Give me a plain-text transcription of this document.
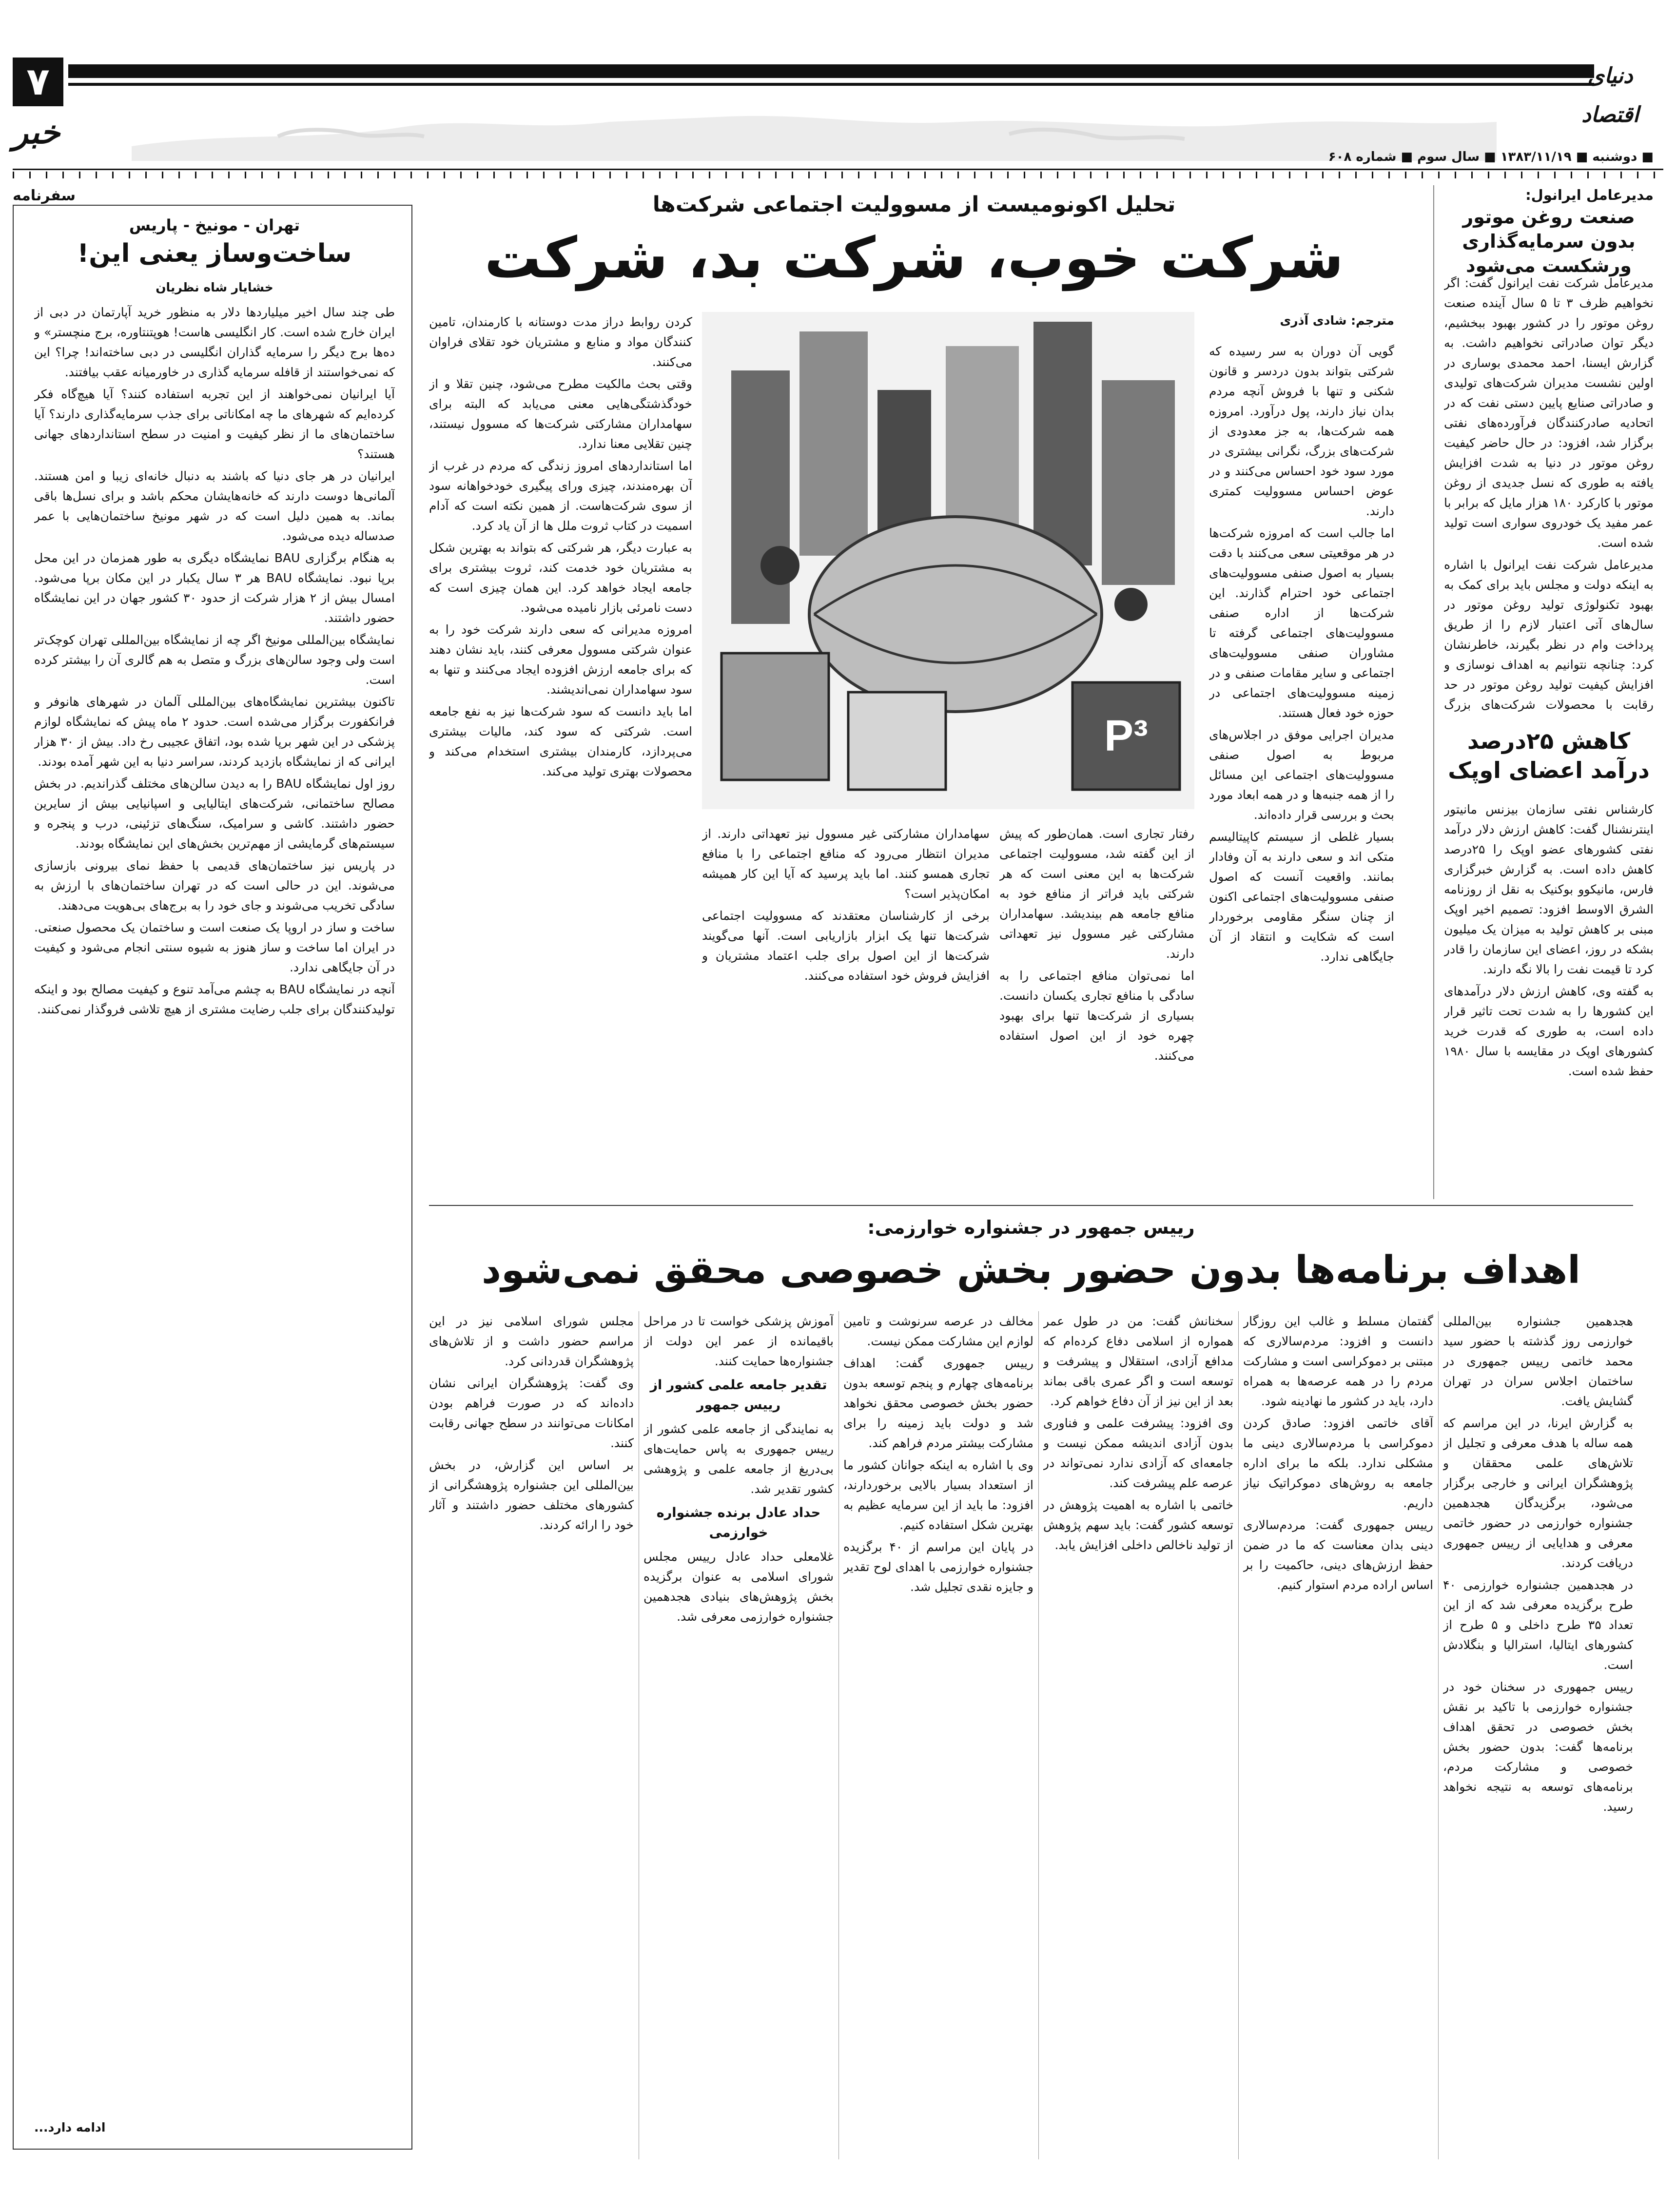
۷	دنیای اقتصاد
خبر
■ دوشنبه ■ ۱۳۸۳/۱۱/۱۹ ■ سال سوم ■ شماره ۶۰۸
مدیرعامل ایرانول:
صنعت روغن موتور بدون سرمایه‌گذاری ورشکست می‌شود

مدیرعامل شرکت نفت ایرانول گفت: اگر نخواهیم ظرف ۳ تا ۵ سال آینده صنعت روغن موتور را در کشور بهبود ببخشیم، دیگر توان صادراتی نخواهیم داشت. به گزارش ایسنا، احمد محمدی بوساری در اولین نشست مدیران شرکت‌های تولیدی و صادراتی صنایع پایین دستی نفت که در اتحادیه صادرکنندگان فرآورده‌های نفتی برگزار شد، افزود: در حال حاضر کیفیت روغن موتور در دنیا به شدت افزایش یافته به طوری که نسل جدیدی از روغن موتور با کارکرد ۱۸۰ هزار مایل که برابر با عمر مفید یک خودروی سواری است تولید شده است.

مدیرعامل شرکت نفت ایرانول با اشاره به اینکه دولت و مجلس باید برای کمک به بهبود تکنولوژی تولید روغن موتور در سال‌های آتی اعتبار لازم را از طریق پرداخت وام در نظر بگیرند، خاطرنشان کرد: چنانچه نتوانیم به اهداف نوسازی و افزایش کیفیت تولید روغن موتور در حد رقابت با محصولات شرکت‌های بزرگ

کاهش ۲۵درصد درآمد اعضای اوپک

کارشناس نفتی سازمان بیزنس مانیتور اینترنشنال گفت: کاهش ارزش دلار درآمد نفتی کشورهای عضو اوپک را ۲۵درصد کاهش داده است. به گزارش خبرگزاری فارس، مانیکوو بوکنیک به نقل از روزنامه الشرق الاوسط افزود: تصمیم اخیر اوپک مبنی بر کاهش تولید به میزان یک میلیون بشکه در روز، اعضای این سازمان را قادر کرد تا قیمت نفت را بالا نگه دارند.

به گفته وی، کاهش ارزش دلار درآمدهای این کشورها را به شدت تحت تاثیر قرار داده است، به طوری که قدرت خرید کشورهای اوپک در مقایسه با سال ۱۹۸۰ حفظ شده است.

سفرنامه
تهران - مونیخ - پاریس
ساخت‌وساز یعنی این!
خشایار شاه نظریان

طی چند سال اخیر میلیاردها دلار به منظور خرید آپارتمان در دبی از ایران خارج شده است. کار انگلیسی هاست! هوپتنتاوره، برج منچستر» و ده‌ها برج دیگر را سرمایه گذاران انگلیسی در دبی ساخته‌اند! چرا؟ این که نمی‌خواستند از قافله سرمایه گذاری در خاورمیانه عقب بیافتند.

آیا ایرانیان نمی‌خواهند از این تجربه استفاده کنند؟ آیا هیچ‌گاه فکر کرده‌ایم که شهرهای ما چه امکاناتی برای جذب سرمایه‌گذاری دارند؟ آیا ساختمان‌های ما از نظر کیفیت و امنیت در سطح استانداردهای جهانی هستند؟

ایرانیان در هر جای دنیا که باشند به دنبال خانه‌ای زیبا و امن هستند. آلمانی‌ها دوست دارند که خانه‌هایشان محکم باشد و برای نسل‌ها باقی بماند. به همین دلیل است که در شهر مونیخ ساختمان‌هایی با عمر صدساله دیده می‌شود.

به هنگام برگزاری BAU نمایشگاه دیگری به طور همزمان در این محل برپا نبود. نمایشگاه BAU هر ۳ سال یکبار در این مکان برپا می‌شود. امسال بیش از ۲ هزار شرکت از حدود ۳۰ کشور جهان در این نمایشگاه حضور داشتند.

نمایشگاه بین‌المللی مونیخ اگر چه از نمایشگاه بین‌المللی تهران کوچک‌تر است ولی وجود سالن‌های بزرگ و متصل به هم گالری آن را بیشتر کرده است.

تاکنون بیشترین نمایشگاه‌های بین‌المللی آلمان در شهرهای هانوفر و فرانکفورت برگزار می‌شده است. حدود ۲ ماه پیش که نمایشگاه لوازم پزشکی در این شهر برپا شده بود، اتفاق عجیبی رخ داد. بیش از ۳۰ هزار ایرانی که از نمایشگاه بازدید کردند، سراسر دنیا به این شهر آمده بودند.

روز اول نمایشگاه BAU را به دیدن سالن‌های مختلف گذراندیم. در بخش مصالح ساختمانی، شرکت‌های ایتالیایی و اسپانیایی بیش از سایرین حضور داشتند. کاشی و سرامیک، سنگ‌های تزئینی، درب و پنجره و سیستم‌های گرمایشی از مهم‌ترین بخش‌های این نمایشگاه بودند.

در پاریس نیز ساختمان‌های قدیمی با حفظ نمای بیرونی بازسازی می‌شوند. این در حالی است که در تهران ساختمان‌های با ارزش به سادگی تخریب می‌شوند و جای خود را به برج‌های بی‌هویت می‌دهند.

ساخت و ساز در اروپا یک صنعت است و ساختمان یک محصول صنعتی. در ایران اما ساخت و ساز هنوز به شیوه سنتی انجام می‌شود و کیفیت در آن جایگاهی ندارد.

آنچه در نمایشگاه BAU به چشم می‌آمد تنوع و کیفیت مصالح بود و اینکه تولیدکنندگان برای جلب رضایت مشتری از هیچ تلاشی فروگذار نمی‌کنند.

ادامه دارد...
تحلیل اکونومیست از مسوولیت اجتماعی شرکت‌ها
شرکت خوب، شرکت بد، شرکت
مترجم: شادی آذری
P³

گویی آن دوران به سر رسیده که شرکتی بتواند بدون دردسر و قانون شکنی و تنها با فروش آنچه مردم بدان نیاز دارند، پول درآورد. امروزه همه شرکت‌ها، به جز معدودی از شرکت‌های بزرگ، نگرانی بیشتری در مورد سود خود احساس می‌کنند و در عوض احساس مسوولیت کمتری دارند.

اما جالب است که امروزه شرکت‌ها در هر موقعیتی سعی می‌کنند با دقت بسیار به اصول صنفی مسوولیت‌های اجتماعی خود احترام گذارند. این شرکت‌ها از اداره صنفی مسوولیت‌های اجتماعی گرفته تا مشاوران صنفی مسوولیت‌های اجتماعی و سایر مقامات صنفی و در زمینه مسوولیت‌های اجتماعی در حوزه خود فعال هستند.

مدیران اجرایی موفق در اجلاس‌های مربوط به اصول صنفی مسوولیت‌های اجتماعی این مسائل را از همه جنبه‌ها و در همه ابعاد مورد بحث و بررسی قرار داده‌اند.

بسیار غلطی از سیستم کاپیتالیسم متکی اند و سعی دارند به آن وفادار بمانند. واقعیت آنست که اصول صنفی مسوولیت‌های اجتماعی اکنون از چنان سنگر مقاومی برخوردار است که شکایت و انتقاد از آن جایگاهی ندارد.

رفتار تجاری است. همان‌طور که پیش از این گفته شد، مسوولیت اجتماعی شرکت‌ها به این معنی است که هر شرکتی باید فراتر از منافع خود به منافع جامعه هم بیندیشد. سهامداران مشارکتی غیر مسوول نیز تعهداتی دارند.

اما نمی‌توان منافع اجتماعی را به سادگی با منافع تجاری یکسان دانست. بسیاری از شرکت‌ها تنها برای بهبود چهره خود از این اصول استفاده می‌کنند.

سهامداران مشارکتی غیر مسوول نیز تعهداتی دارند. از مدیران انتظار می‌رود که منافع اجتماعی را با منافع تجاری همسو کنند. اما باید پرسید که آیا این کار همیشه امکان‌پذیر است؟

برخی از کارشناسان معتقدند که مسوولیت اجتماعی شرکت‌ها تنها یک ابزار بازاریابی است. آنها می‌گویند شرکت‌ها از این اصول برای جلب اعتماد مشتریان و افزایش فروش خود استفاده می‌کنند.

کردن روابط دراز مدت دوستانه با کارمندان، تامین کنندگان مواد و منابع و مشتریان خود تقلای فراوان می‌کنند.

وقتی بحث مالکیت مطرح می‌شود، چنین تقلا و از خودگذشتگی‌هایی معنی می‌یابد که البته برای سهامداران مشارکتی شرکت‌ها که مسوول نیستند، چنین تقلایی معنا ندارد.

اما استانداردهای امروز زندگی که مردم در غرب از آن بهره‌مندند، چیزی ورای پیگیری خودخواهانه سود از سوی شرکت‌هاست. از همین نکته است که آدام اسمیت در کتاب ثروت ملل ها از آن یاد کرد.

به عبارت دیگر، هر شرکتی که بتواند به بهترین شکل به مشتریان خود خدمت کند، ثروت بیشتری برای جامعه ایجاد خواهد کرد. این همان چیزی است که دست نامرئی بازار نامیده می‌شود.

امروزه مدیرانی که سعی دارند شرکت خود را به عنوان شرکتی مسوول معرفی کنند، باید نشان دهند که برای جامعه ارزش افزوده ایجاد می‌کنند و تنها به سود سهامداران نمی‌اندیشند.

اما باید دانست که سود شرکت‌ها نیز به نفع جامعه است. شرکتی که سود کند، مالیات بیشتری می‌پردازد، کارمندان بیشتری استخدام می‌کند و محصولات بهتری تولید می‌کند.

رییس جمهور در جشنواره خوارزمی:
اهداف برنامه‌ها بدون حضور بخش خصوصی محقق نمی‌شود

هجدهمین جشنواره بین‌المللی خوارزمی روز گذشته با حضور سید محمد خاتمی رییس جمهوری در ساختمان اجلاس سران در تهران گشایش یافت.

به گزارش ایرنا، در این مراسم که همه ساله با هدف معرفی و تجلیل از تلاش‌های علمی محققان و پژوهشگران ایرانی و خارجی برگزار می‌شود، برگزیدگان هجدهمین جشنواره خوارزمی در حضور خاتمی معرفی و هدایایی از رییس جمهوری دریافت کردند.

در هجدهمین جشنواره خوارزمی ۴۰ طرح برگزیده معرفی شد که از این تعداد ۳۵ طرح داخلی و ۵ طرح از کشورهای ایتالیا، استرالیا و بنگلادش است.

رییس جمهوری در سخنان خود در جشنواره خوارزمی با تاکید بر نقش بخش خصوصی در تحقق اهداف برنامه‌ها گفت: بدون حضور بخش خصوصی و مشارکت مردم، برنامه‌های توسعه به نتیجه نخواهد رسید.

گفتمان مسلط و غالب این روزگار دانست و افزود: مردم‌سالاری که مبتنی بر دموکراسی است و مشارکت مردم را در همه عرصه‌ها به همراه دارد، باید در کشور ما نهادینه شود.

آقای خاتمی افزود: صادق کردن دموکراسی با مردم‌سالاری دینی ما مشکلی ندارد. بلکه ما برای اداره جامعه به روش‌های دموکراتیک نیاز داریم.

رییس جمهوری گفت: مردم‌سالاری دینی بدان معناست که ما در ضمن حفظ ارزش‌های دینی، حاکمیت را بر اساس اراده مردم استوار کنیم.

سخنانش گفت: من در طول عمر همواره از اسلامی دفاع کرده‌ام که مدافع آزادی، استقلال و پیشرفت و توسعه است و اگر عمری باقی بماند بعد از این نیز از آن دفاع خواهم کرد.

وی افزود: پیشرفت علمی و فناوری بدون آزادی اندیشه ممکن نیست و جامعه‌ای که آزادی ندارد نمی‌تواند در عرصه علم پیشرفت کند.

خاتمی با اشاره به اهمیت پژوهش در توسعه کشور گفت: باید سهم پژوهش از تولید ناخالص داخلی افزایش یابد.

مخالف در عرصه سرنوشت و تامین لوازم این مشارکت ممکن نیست.

رییس جمهوری گفت: اهداف برنامه‌های چهارم و پنجم توسعه بدون حضور بخش خصوصی محقق نخواهد شد و دولت باید زمینه را برای مشارکت بیشتر مردم فراهم کند.

وی با اشاره به اینکه جوانان کشور ما از استعداد بسیار بالایی برخوردارند، افزود: ما باید از این سرمایه عظیم به بهترین شکل استفاده کنیم.

در پایان این مراسم از ۴۰ برگزیده جشنواره خوارزمی با اهدای لوح تقدیر و جایزه نقدی تجلیل شد.

آموزش پزشکی خواست تا در مراحل باقیمانده از عمر این دولت از جشنواره‌ها حمایت کنند.

تقدیر جامعه علمی کشور از رییس جمهور

به نمایندگی از جامعه علمی کشور از رییس جمهوری به پاس حمایت‌های بی‌دریغ از جامعه علمی و پژوهشی کشور تقدیر شد.

حداد عادل برنده جشنواره خوارزمی

غلامعلی حداد عادل رییس مجلس شورای اسلامی به عنوان برگزیده بخش پژوهش‌های بنیادی هجدهمین جشنواره خوارزمی معرفی شد.

مجلس شورای اسلامی نیز در این مراسم حضور داشت و از تلاش‌های پژوهشگران قدردانی کرد.

وی گفت: پژوهشگران ایرانی نشان داده‌اند که در صورت فراهم بودن امکانات می‌توانند در سطح جهانی رقابت کنند.

بر اساس این گزارش، در بخش بین‌المللی این جشنواره پژوهشگرانی از کشورهای مختلف حضور داشتند و آثار خود را ارائه کردند.
